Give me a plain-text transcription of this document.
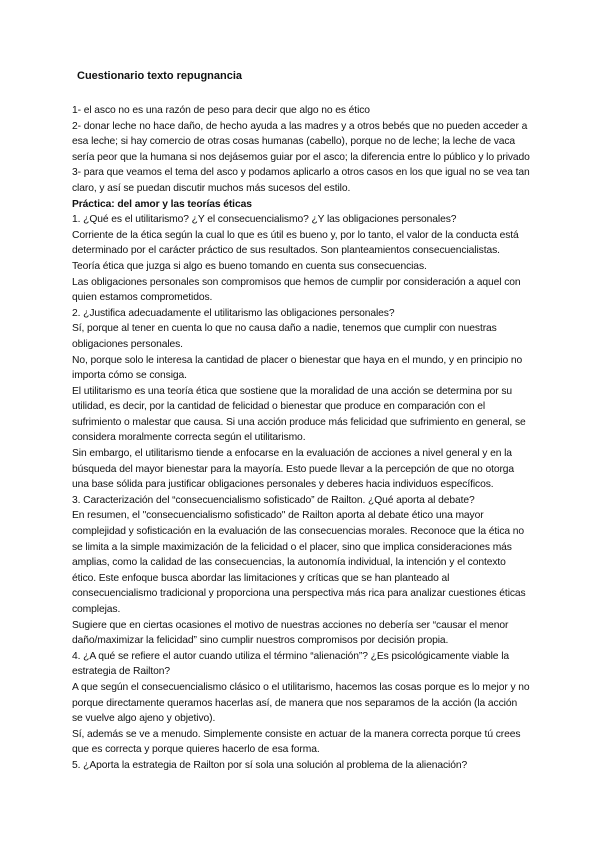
Cuestionario texto repugnancia

1- el asco no es una razón de peso para decir que algo no es ético

2- donar leche no hace daño, de hecho ayuda a las madres y a otros bebés que no pueden acceder a esa leche; si hay comercio de otras cosas humanas (cabello), porque no de leche; la leche de vaca sería peor que la humana si nos dejásemos guiar por el asco; la diferencia entre lo público y lo privado

3- para que veamos el tema del asco y podamos aplicarlo a otros casos en los que igual no se vea tan claro, y así se puedan discutir muchos más sucesos del estilo.

Práctica: del amor y las teorías éticas

1. ¿Qué es el utilitarismo? ¿Y el consecuencialismo? ¿Y las obligaciones personales?

Corriente de la ética según la cual lo que es útil es bueno y, por lo tanto, el valor de la conducta está determinado por el carácter práctico de sus resultados. Son planteamientos consecuencialistas.

Teoría ética que juzga si algo es bueno tomando en cuenta sus consecuencias.

Las obligaciones personales son compromisos que hemos de cumplir por consideración a aquel con quien estamos comprometidos.

2. ¿Justifica adecuadamente el utilitarismo las obligaciones personales?

Sí, porque al tener en cuenta lo que no causa daño a nadie, tenemos que cumplir con nuestras obligaciones personales.

No, porque solo le interesa la cantidad de placer o bienestar que haya en el mundo, y en principio no importa cómo se consiga.

El utilitarismo es una teoría ética que sostiene que la moralidad de una acción se determina por su utilidad, es decir, por la cantidad de felicidad o bienestar que produce en comparación con el sufrimiento o malestar que causa. Si una acción produce más felicidad que sufrimiento en general, se considera moralmente correcta según el utilitarismo.

Sin embargo, el utilitarismo tiende a enfocarse en la evaluación de acciones a nivel general y en la búsqueda del mayor bienestar para la mayoría. Esto puede llevar a la percepción de que no otorga una base sólida para justificar obligaciones personales y deberes hacia individuos específicos.

3. Caracterización del “consecuencialismo sofisticado” de Railton. ¿Qué aporta al debate?

En resumen, el "consecuencialismo sofisticado" de Railton aporta al debate ético una mayor complejidad y sofisticación en la evaluación de las consecuencias morales. Reconoce que la ética no se limita a la simple maximización de la felicidad o el placer, sino que implica consideraciones más amplias, como la calidad de las consecuencias, la autonomía individual, la intención y el contexto ético. Este enfoque busca abordar las limitaciones y críticas que se han planteado al consecuencialismo tradicional y proporciona una perspectiva más rica para analizar cuestiones éticas complejas.

Sugiere que en ciertas ocasiones el motivo de nuestras acciones no debería ser “causar el menor daño/maximizar la felicidad” sino cumplir nuestros compromisos por decisión propia.

4. ¿A qué se refiere el autor cuando utiliza el término “alienación”? ¿Es psicológicamente viable la estrategia de Railton?

A que según el consecuencialismo clásico o el utilitarismo, hacemos las cosas porque es lo mejor y no porque directamente queramos hacerlas así, de manera que nos separamos de la acción (la acción se vuelve algo ajeno y objetivo).

Sí, además se ve a menudo. Simplemente consiste en actuar de la manera correcta porque tú crees que es correcta y porque quieres hacerlo de esa forma.

5. ¿Aporta la estrategia de Railton por sí sola una solución al problema de la alienación?
